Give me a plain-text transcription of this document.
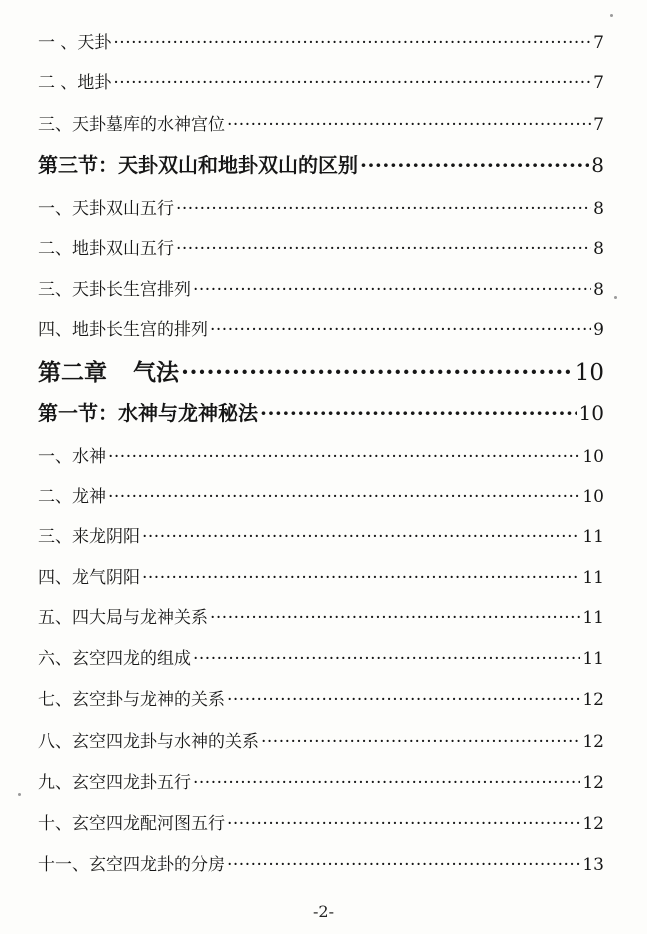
一 、天卦 ·····	7
二 、地卦 ·····	7
三、天卦墓库的水神宫位 ·····	7
第三节：天卦双山和地卦双山的区别 ·····	8
一、天卦双山五行 ·····	8
二、地卦双山五行 ·····	8
三、天卦长生宫排列 ·····	8
四、地卦长生宫的排列 ·····	9
第二章 气法 ·····	10
第一节：水神与龙神秘法 ·····	10
一、水神 ·····	10
二、龙神 ·····	10
三、来龙阴阳 ·····	11
四、龙气阴阳 ·····	11
五、四大局与龙神关系 ·····	11
六、玄空四龙的组成 ·····	11
七、玄空卦与龙神的关系 ·····	12
八、玄空四龙卦与水神的关系 ·····	12
九、玄空四龙卦五行 ·····	12
十、玄空四龙配河图五行 ·····	12
十一、玄空四龙卦的分房 ·····	13
-2-
